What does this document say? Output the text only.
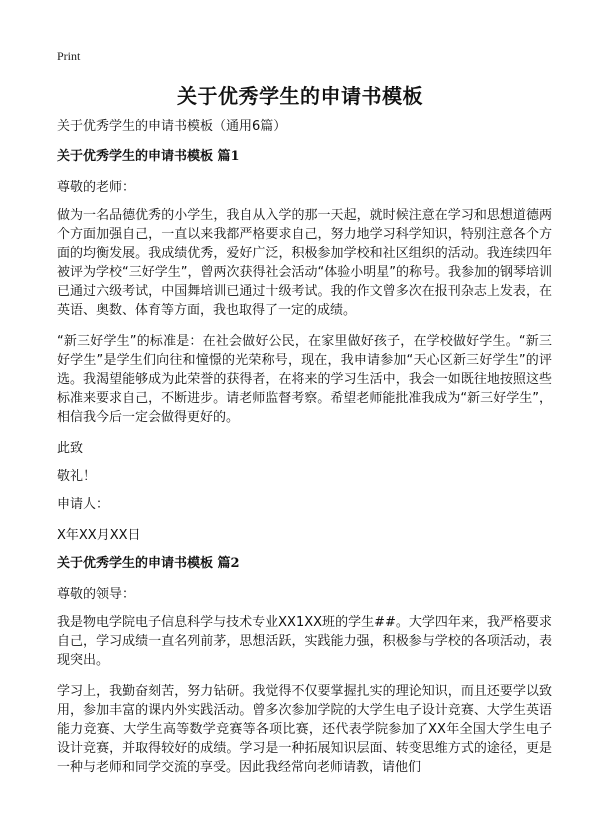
Print
关于优秀学生的申请书模板

关于优秀学生的申请书模板（通用6篇）

关于优秀学生的申请书模板 篇1

尊敬的老师：

做为一名品德优秀的小学生，我自从入学的那一天起，就时候注意在学习和思想道德两个方面加强自己，一直以来我都严格要求自己，努力地学习科学知识，特别注意各个方面的均衡发展。我成绩优秀，爱好广泛，积极参加学校和社区组织的活动。我连续四年被评为学校“三好学生”，曾两次获得社会活动“体验小明星”的称号。我参加的钢琴培训已通过六级考试，中国舞培训已通过十级考试。我的作文曾多次在报刊杂志上发表，在英语、奥数、体育等方面，我也取得了一定的成绩。

“新三好学生”的标准是：在社会做好公民，在家里做好孩子，在学校做好学生。“新三好学生”是学生们向往和憧憬的光荣称号，现在，我申请参加“天心区新三好学生”的评选。我渴望能够成为此荣誉的获得者，在将来的学习生活中，我会一如既往地按照这些标准来要求自己，不断进步。请老师监督考察。希望老师能批准我成为“新三好学生”，相信我今后一定会做得更好的。

此致

敬礼！

申请人：

X年XX月XX日

关于优秀学生的申请书模板 篇2

尊敬的领导：

我是物电学院电子信息科学与技术专业XX1XX班的学生##。大学四年来，我严格要求自己，学习成绩一直名列前茅，思想活跃，实践能力强，积极参与学校的各项活动，表现突出。

学习上，我勤奋刻苦，努力钻研。我觉得不仅要掌握扎实的理论知识，而且还要学以致用，参加丰富的课内外实践活动。曾多次参加学院的大学生电子设计竞赛、大学生英语能力竞赛、大学生高等数学竞赛等各项比赛，还代表学院参加了XX年全国大学生电子设计竞赛，并取得较好的成绩。学习是一种拓展知识层面、转变思维方式的途径，更是一种与老师和同学交流的享受。因此我经常向老师请教，请他们
